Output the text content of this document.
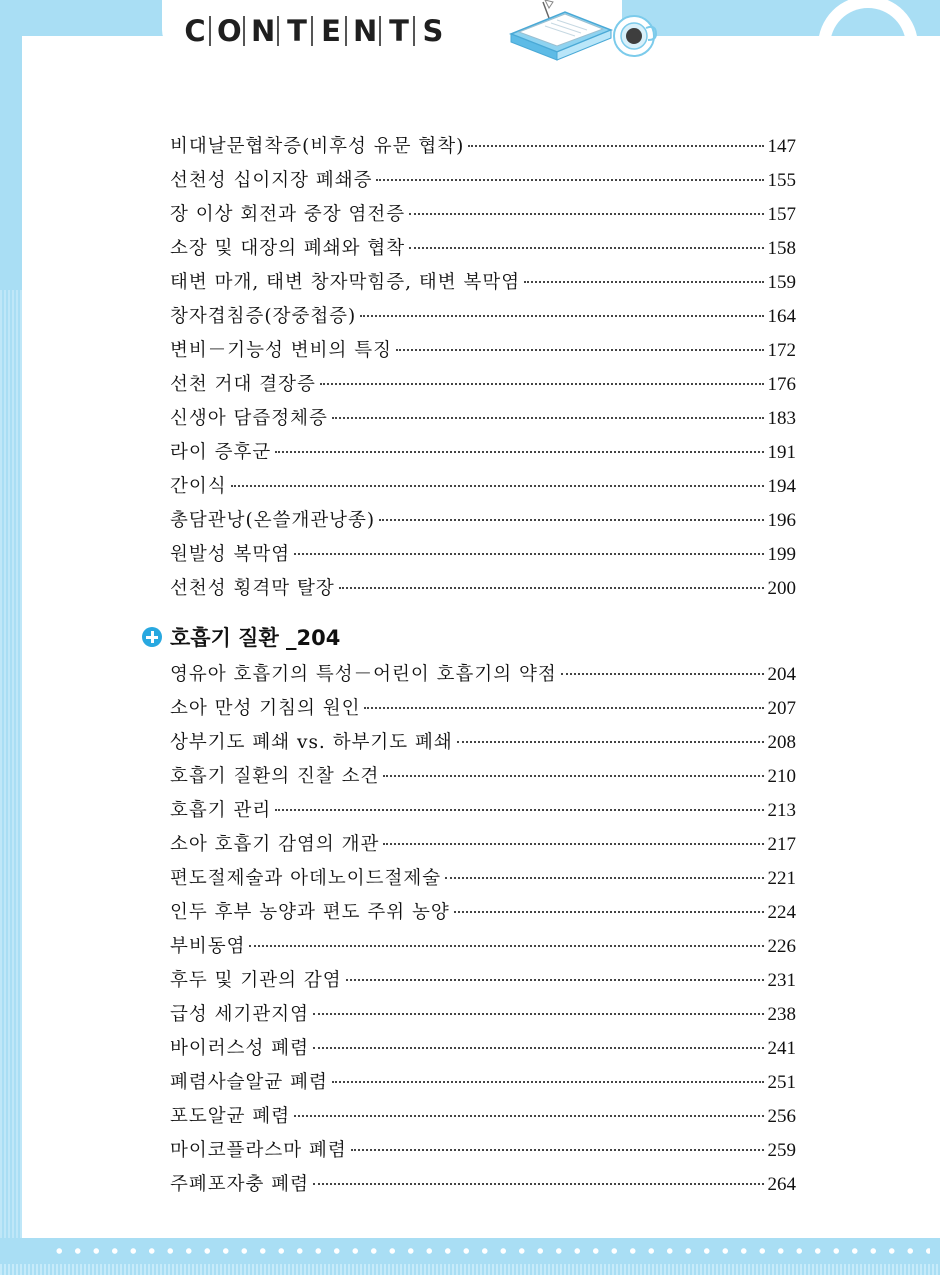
C O N T E N T S
비대날문협착증(비후성 유문 협착)	147
선천성 십이지장 폐쇄증	155
장 이상 회전과 중장 염전증	157
소장 및 대장의 폐쇄와 협착	158
태변 마개, 태변 창자막힘증, 태변 복막염	159
창자겹침증(장중첩증)	164
변비－기능성 변비의 특징	172
선천 거대 결장증	176
신생아 담즙정체증	183
라이 증후군	191
간이식	194
총담관낭(온쓸개관낭종)	196
원발성 복막염	199
선천성 횡격막 탈장	200
호흡기 질환 _204
영유아 호흡기의 특성－어린이 호흡기의 약점	204
소아 만성 기침의 원인	207
상부기도 폐쇄 vs. 하부기도 폐쇄	208
호흡기 질환의 진찰 소견	210
호흡기 관리	213
소아 호흡기 감염의 개관	217
편도절제술과 아데노이드절제술	221
인두 후부 농양과 편도 주위 농양	224
부비동염	226
후두 및 기관의 감염	231
급성 세기관지염	238
바이러스성 폐렴	241
폐렴사슬알균 폐렴	251
포도알균 폐렴	256
마이코플라스마 폐렴	259
주폐포자충 폐렴	264
